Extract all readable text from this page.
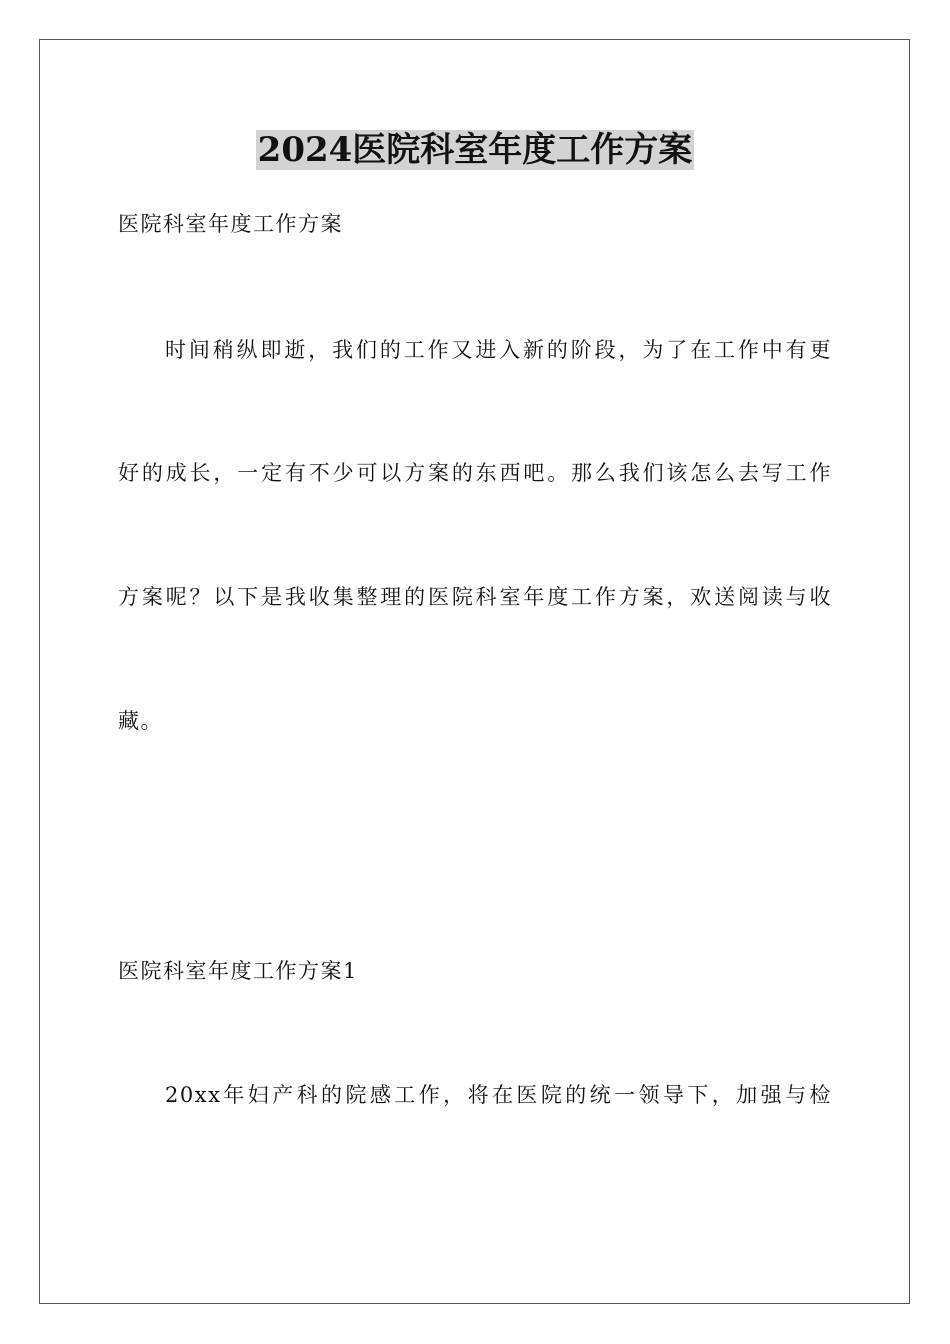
2024医院科室年度工作方案
医院科室年度工作方案
时间稍纵即逝，我们的工作又进入新的阶段，为了在工作中有更
好的成长，一定有不少可以方案的东西吧。那么我们该怎么去写工作
方案呢？以下是我收集整理的医院科室年度工作方案，欢送阅读与收
藏。
医院科室年度工作方案1
20xx年妇产科的院感工作，将在医院的统一领导下，加强与检
